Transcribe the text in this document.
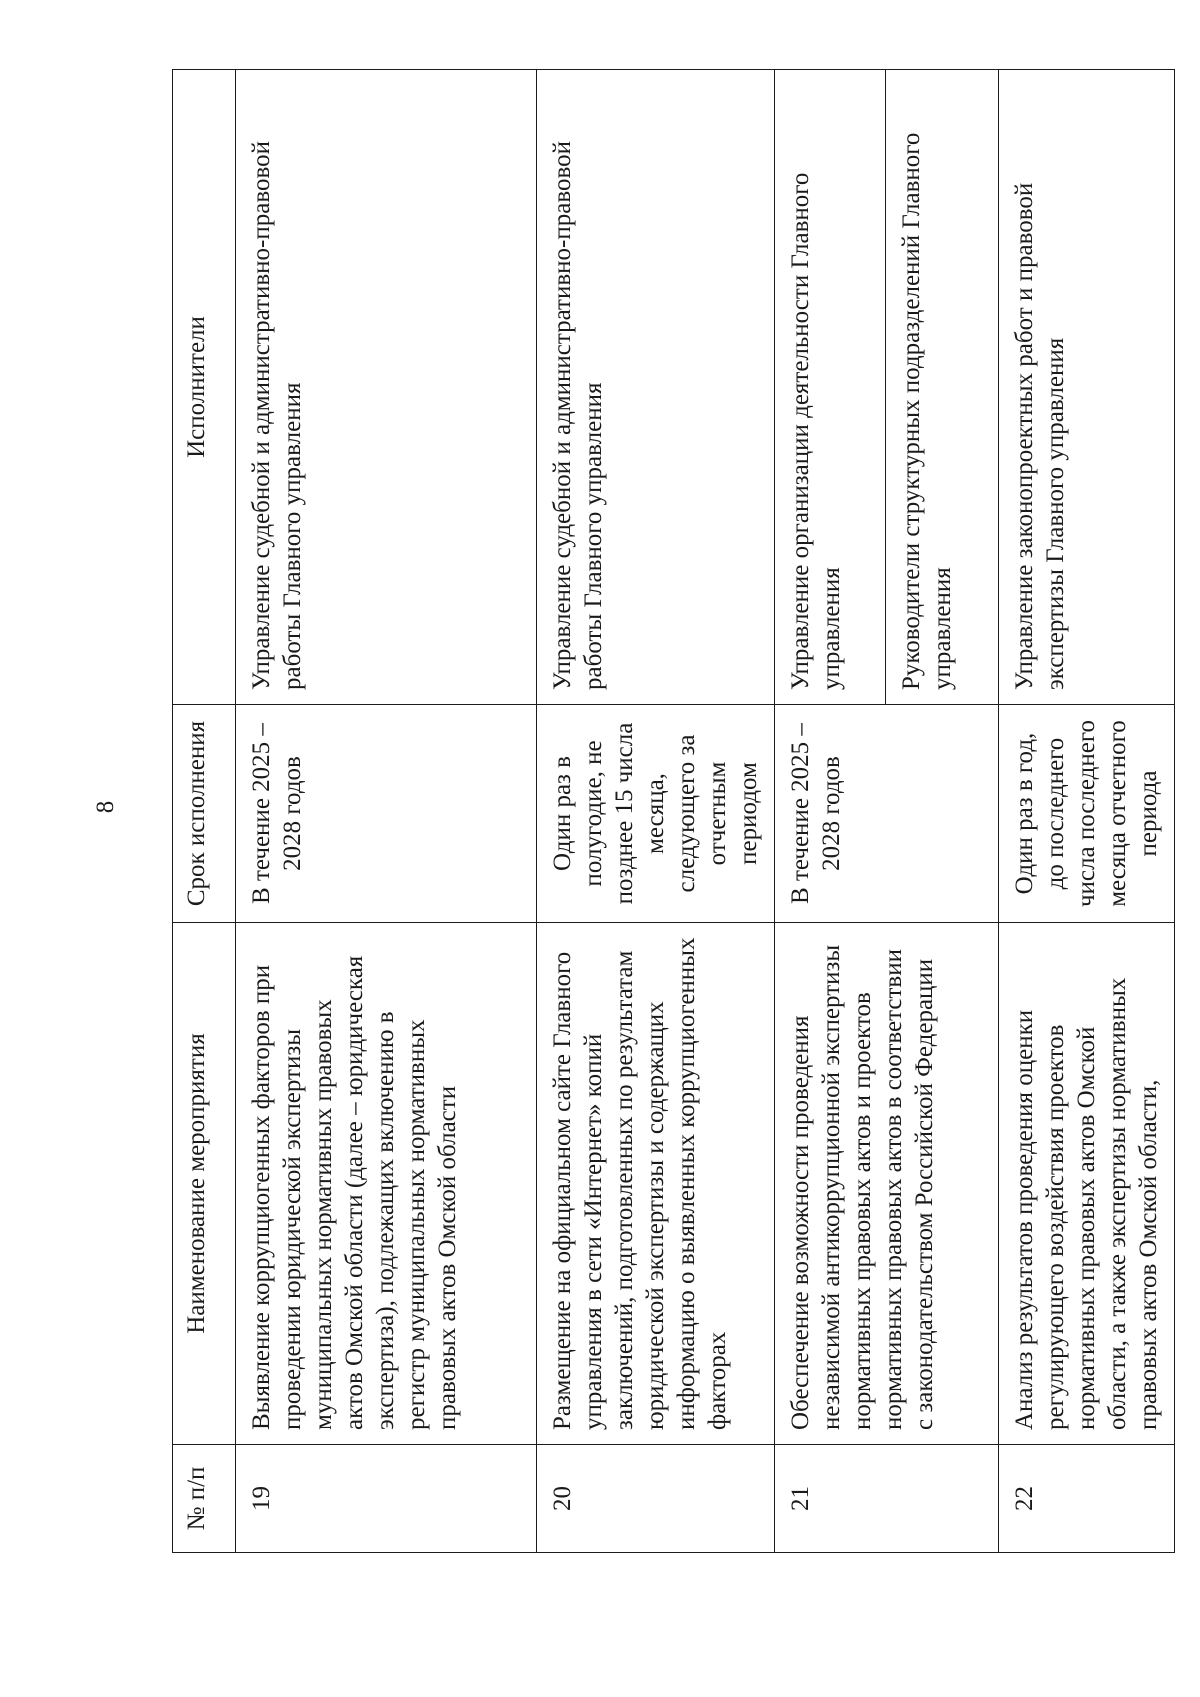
8
№ п/п	Наименование мероприятия	Срок исполнения	Исполнители
19	Выявление коррупциогенных факторов при проведении юридической экспертизы муниципальных нормативных правовых актов Омской области (далее – юридическая экспертиза), подлежащих включению в регистр муниципальных нормативных правовых актов Омской области	В течение 2025 – 2028 годов	Управление судебной и административно-правовой работы Главного управления
20	Размещение на официальном сайте Главного управления в сети «Интернет» копий заключений, подготовленных по результатам юридической экспертизы и содержащих информацию о выявленных коррупциогенных факторах	Один раз в полугодие, не позднее 15 числа месяца, следующего за отчетным периодом	Управление судебной и административно-правовой работы Главного управления
21	Обеспечение возможности проведения независимой антикоррупционной экспертизы нормативных правовых актов и проектов нормативных правовых актов в соответствии с законодательством Российской Федерации	В течение 2025 – 2028 годов	Управление организации деятельности Главного управления
			Руководители структурных подразделений Главного управления
22	Анализ результатов проведения оценки регулирующего воздействия проектов нормативных правовых актов Омской области, а также экспертизы нормативных правовых актов Омской области,	Один раз в год, до последнего числа последнего месяца отчетного периода	Управление законопроектных работ и правовой экспертизы Главного управления
